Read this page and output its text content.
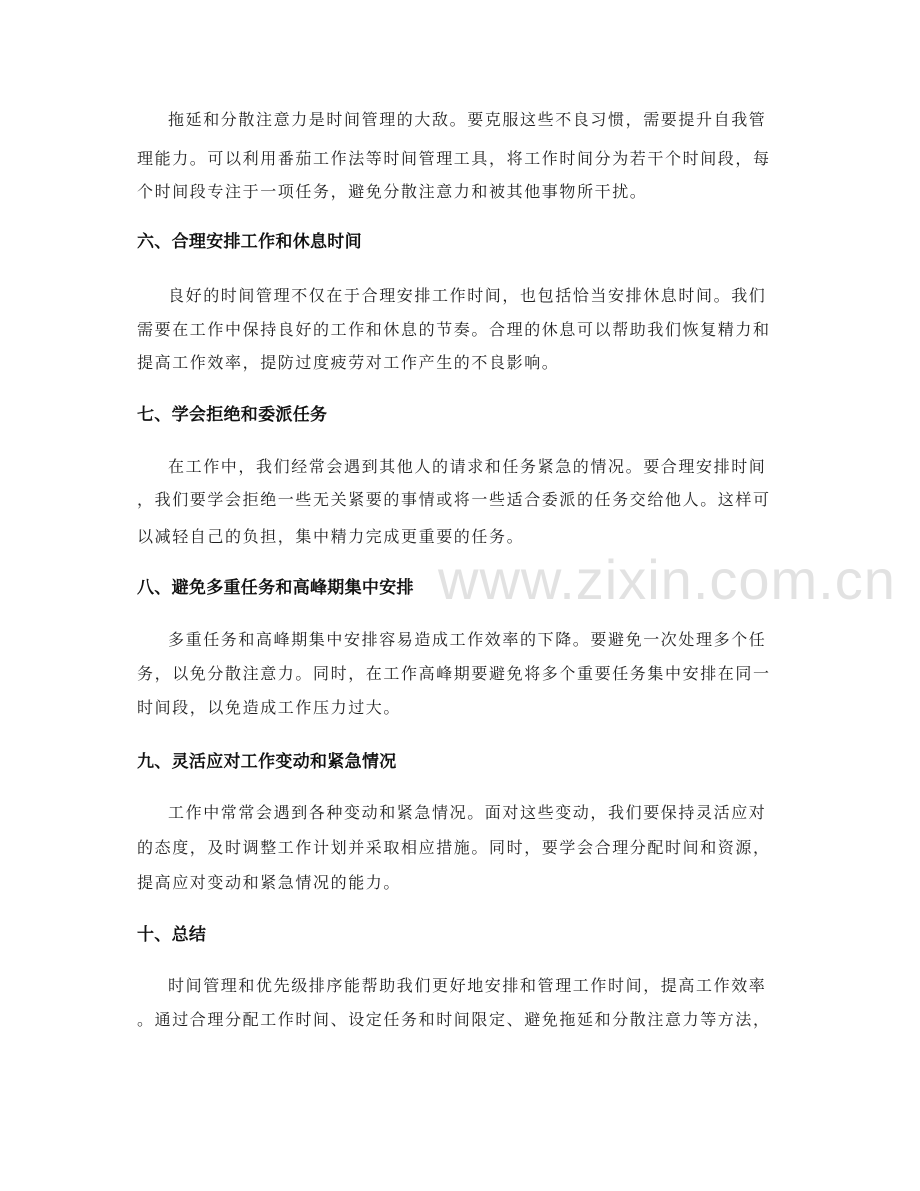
拖延和分散注意力是时间管理的大敌。要克服这些不良习惯，需要提升自我管
理能力。可以利用番茄工作法等时间管理工具，将工作时间分为若干个时间段，每
个时间段专注于一项任务，避免分散注意力和被其他事物所干扰。
六、合理安排工作和休息时间
良好的时间管理不仅在于合理安排工作时间，也包括恰当安排休息时间。我们
需要在工作中保持良好的工作和休息的节奏。合理的休息可以帮助我们恢复精力和
提高工作效率，提防过度疲劳对工作产生的不良影响。
七、学会拒绝和委派任务
在工作中，我们经常会遇到其他人的请求和任务紧急的情况。要合理安排时间
，我们要学会拒绝一些无关紧要的事情或将一些适合委派的任务交给他人。这样可
以减轻自己的负担，集中精力完成更重要的任务。
八、避免多重任务和高峰期集中安排
多重任务和高峰期集中安排容易造成工作效率的下降。要避免一次处理多个任
务，以免分散注意力。同时，在工作高峰期要避免将多个重要任务集中安排在同一
时间段，以免造成工作压力过大。
九、灵活应对工作变动和紧急情况
工作中常常会遇到各种变动和紧急情况。面对这些变动，我们要保持灵活应对
的态度，及时调整工作计划并采取相应措施。同时，要学会合理分配时间和资源，
提高应对变动和紧急情况的能力。
十、总结
时间管理和优先级排序能帮助我们更好地安排和管理工作时间，提高工作效率
。通过合理分配工作时间、设定任务和时间限定、避免拖延和分散注意力等方法，
www.zixin.com.cn
